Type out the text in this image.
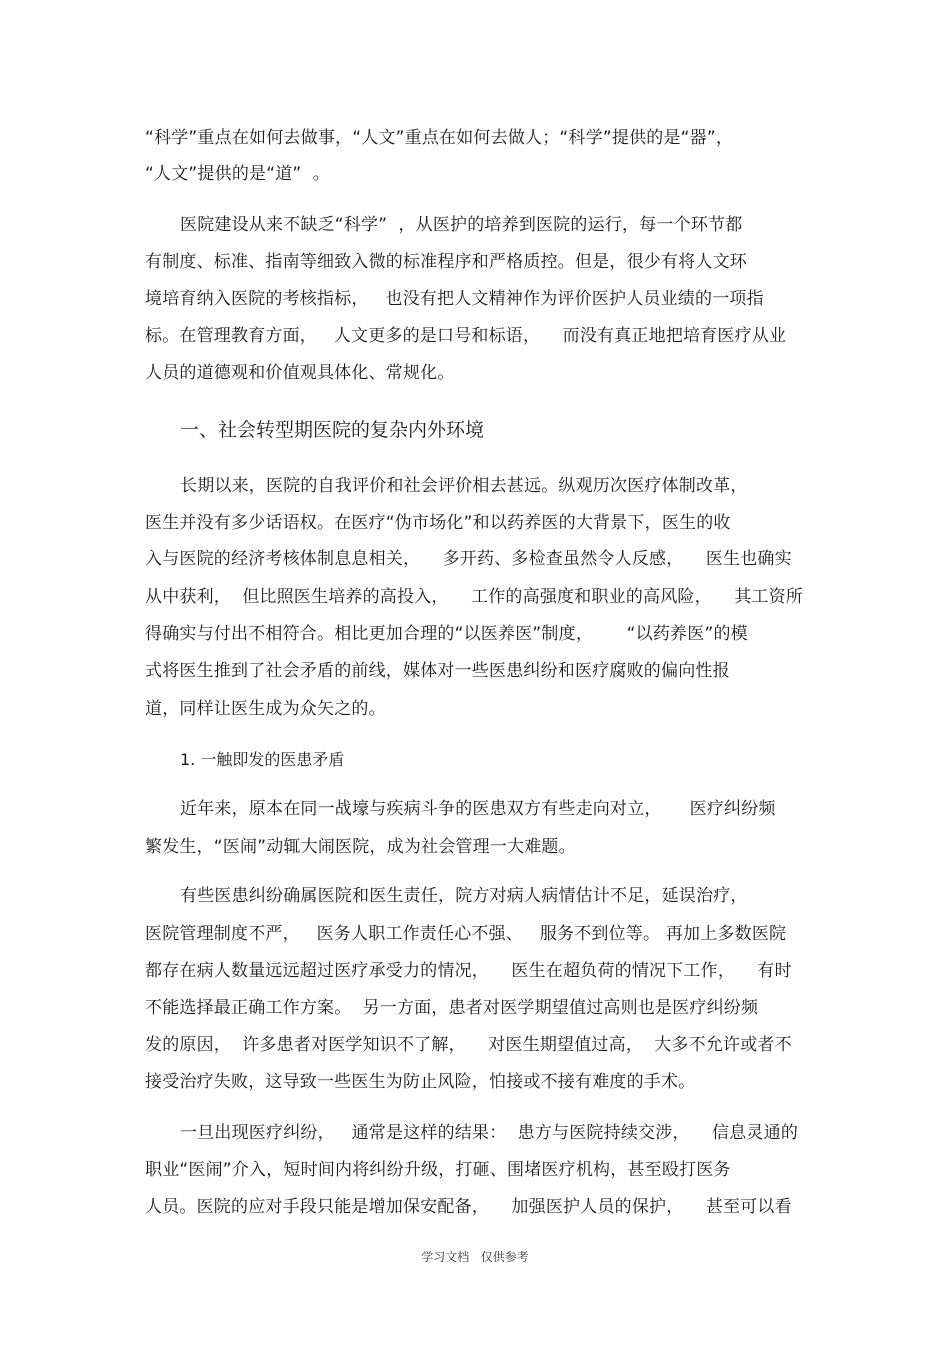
“科学”重点在如何去做事，“人文”重点在如何去做人；“科学”提供的是“器”，
“人文”提供的是“道”  。
医院建设从来不缺乏“科学”  ，从医护的培养到医院的运行，每一个环节都
有制度、标准、指南等细致入微的标准程序和严格质控。但是，很少有将人文环
境培育纳入医院的考核指标，   也没有把人文精神作为评价医护人员业绩的一项指
标。在管理教育方面，   人文更多的是口号和标语，    而没有真正地把培育医疗从业
人员的道德观和价值观具体化、常规化。
一、社会转型期医院的复杂内外环境
长期以来，医院的自我评价和社会评价相去甚远。纵观历次医疗体制改革，
医生并没有多少话语权。在医疗“伪市场化”和以药养医的大背景下，医生的收
入与医院的经济考核体制息息相关，    多开药、多检查虽然令人反感，    医生也确实
从中获利，  但比照医生培养的高投入，    工作的高强度和职业的高风险，    其工资所
得确实与付出不相符合。相比更加合理的“以医养医”制度，      “以药养医”的模
式将医生推到了社会矛盾的前线，媒体对一些医患纠纷和医疗腐败的偏向性报
道，同样让医生成为众矢之的。
1. 一触即发的医患矛盾
近年来，原本在同一战壕与疾病斗争的医患双方有些走向对立，     医疗纠纷频
繁发生，“医闹”动辄大闹医院，成为社会管理一大难题。
有些医患纠纷确属医院和医生责任，院方对病人病情估计不足，延误治疗，
医院管理制度不严，   医务人职工作责任心不强、   服务不到位等。 再加上多数医院
都存在病人数量远远超过医疗承受力的情况，    医生在超负荷的情况下工作，    有时
不能选择最正确工作方案。  另一方面，患者对医学期望值过高则也是医疗纠纷频
发的原因，  许多患者对医学知识不了解，    对医生期望值过高，  大多不允许或者不
接受治疗失败，这导致一些医生为防止风险，怕接或不接有难度的手术。
一旦出现医疗纠纷，   通常是这样的结果：  患方与医院持续交涉，    信息灵通的
职业“医闹”介入，短时间内将纠纷升级，打砸、围堵医疗机构，甚至殴打医务
人员。医院的应对手段只能是增加保安配备，    加强医护人员的保护，    甚至可以看
学习文档   仅供参考
